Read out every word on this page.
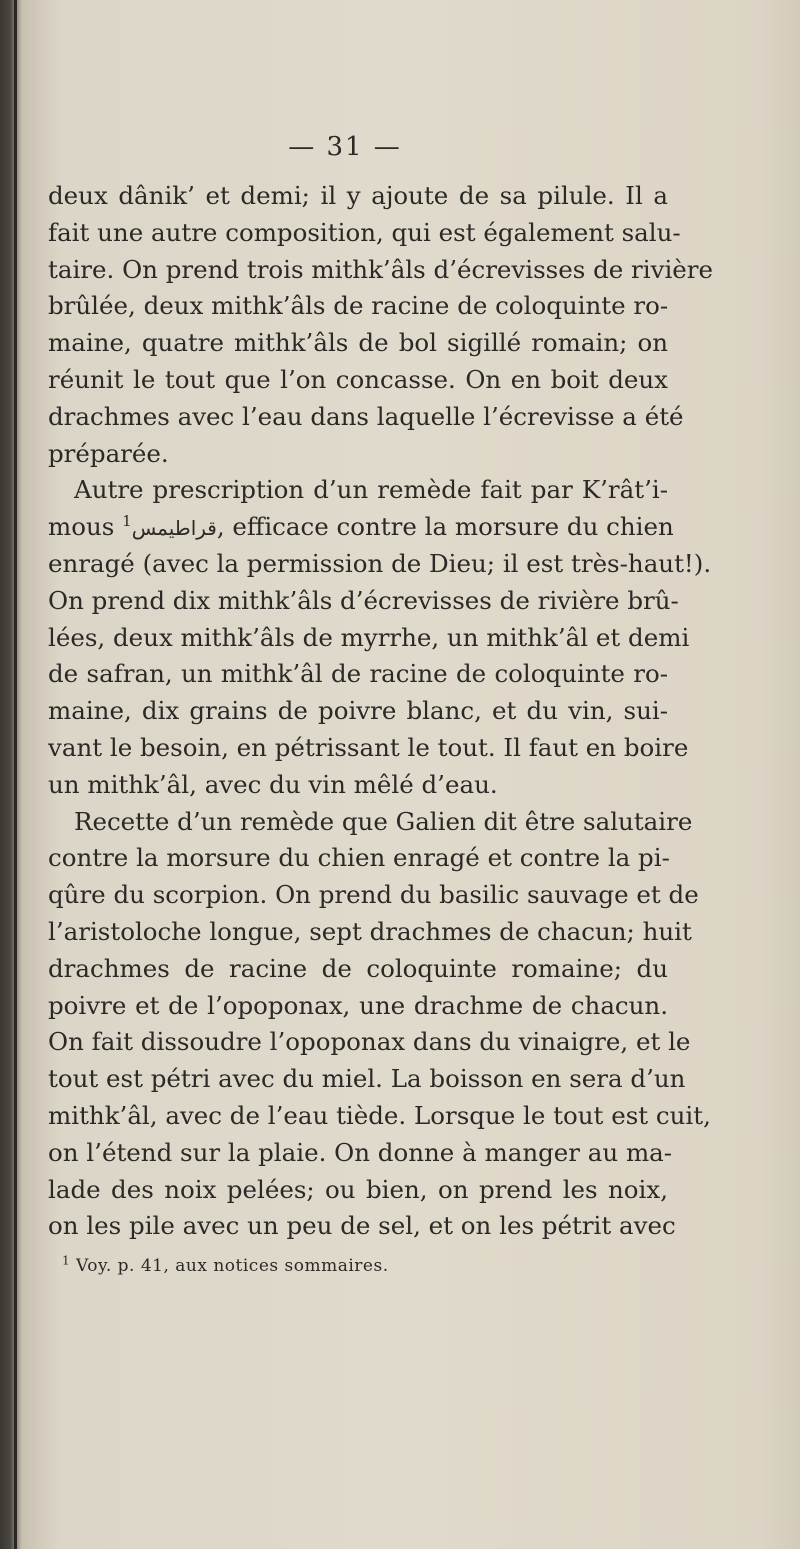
— 31 —
deux dânik’ et demi; il y ajoute de sa pilule. Il a
fait une autre composition, qui est également salu-
taire. On prend trois mithk’âls d’écrevisses de rivière
brûlée, deux mithk’âls de racine de coloquinte ro-
maine, quatre mithk’âls de bol sigillé romain; on
réunit le tout que l’on concasse. On en boit deux
drachmes avec l’eau dans laquelle l’écrevisse a été
préparée.
Autre prescription d’un remède fait par K’rât’i-
mous قراطيمس$^1$	, efficace contre la morsure du chien
enragé (avec la permission de Dieu; il est très-haut!).
On prend dix mithk’âls d’écrevisses de rivière brû-
lées, deux mithk’âls de myrrhe, un mithk’âl et demi
de safran, un mithk’âl de racine de coloquinte ro-
maine, dix grains de poivre blanc, et du vin, sui-
vant le besoin, en pétrissant le tout. Il faut en boire
un mithk’âl, avec du vin mêlé d’eau.
Recette d’un remède que Galien dit être salutaire
contre la morsure du chien enragé et contre la pi-
qûre du scorpion. On prend du basilic sauvage et de
l’aristoloche longue, sept drachmes de chacun; huit
drachmes de racine de coloquinte romaine; du
poivre et de l’opoponax, une drachme de chacun.
On fait dissoudre l’opoponax dans du vinaigre, et le
tout est pétri avec du miel. La boisson en sera d’un
mithk’âl, avec de l’eau tiède. Lorsque le tout est cuit,
on l’étend sur la plaie. On donne à manger au ma-
lade des noix pelées; ou bien, on prend les noix,
on les pile avec un peu de sel, et on les pétrit avec
$^1$ Voy. p. 41, aux notices sommaires.
